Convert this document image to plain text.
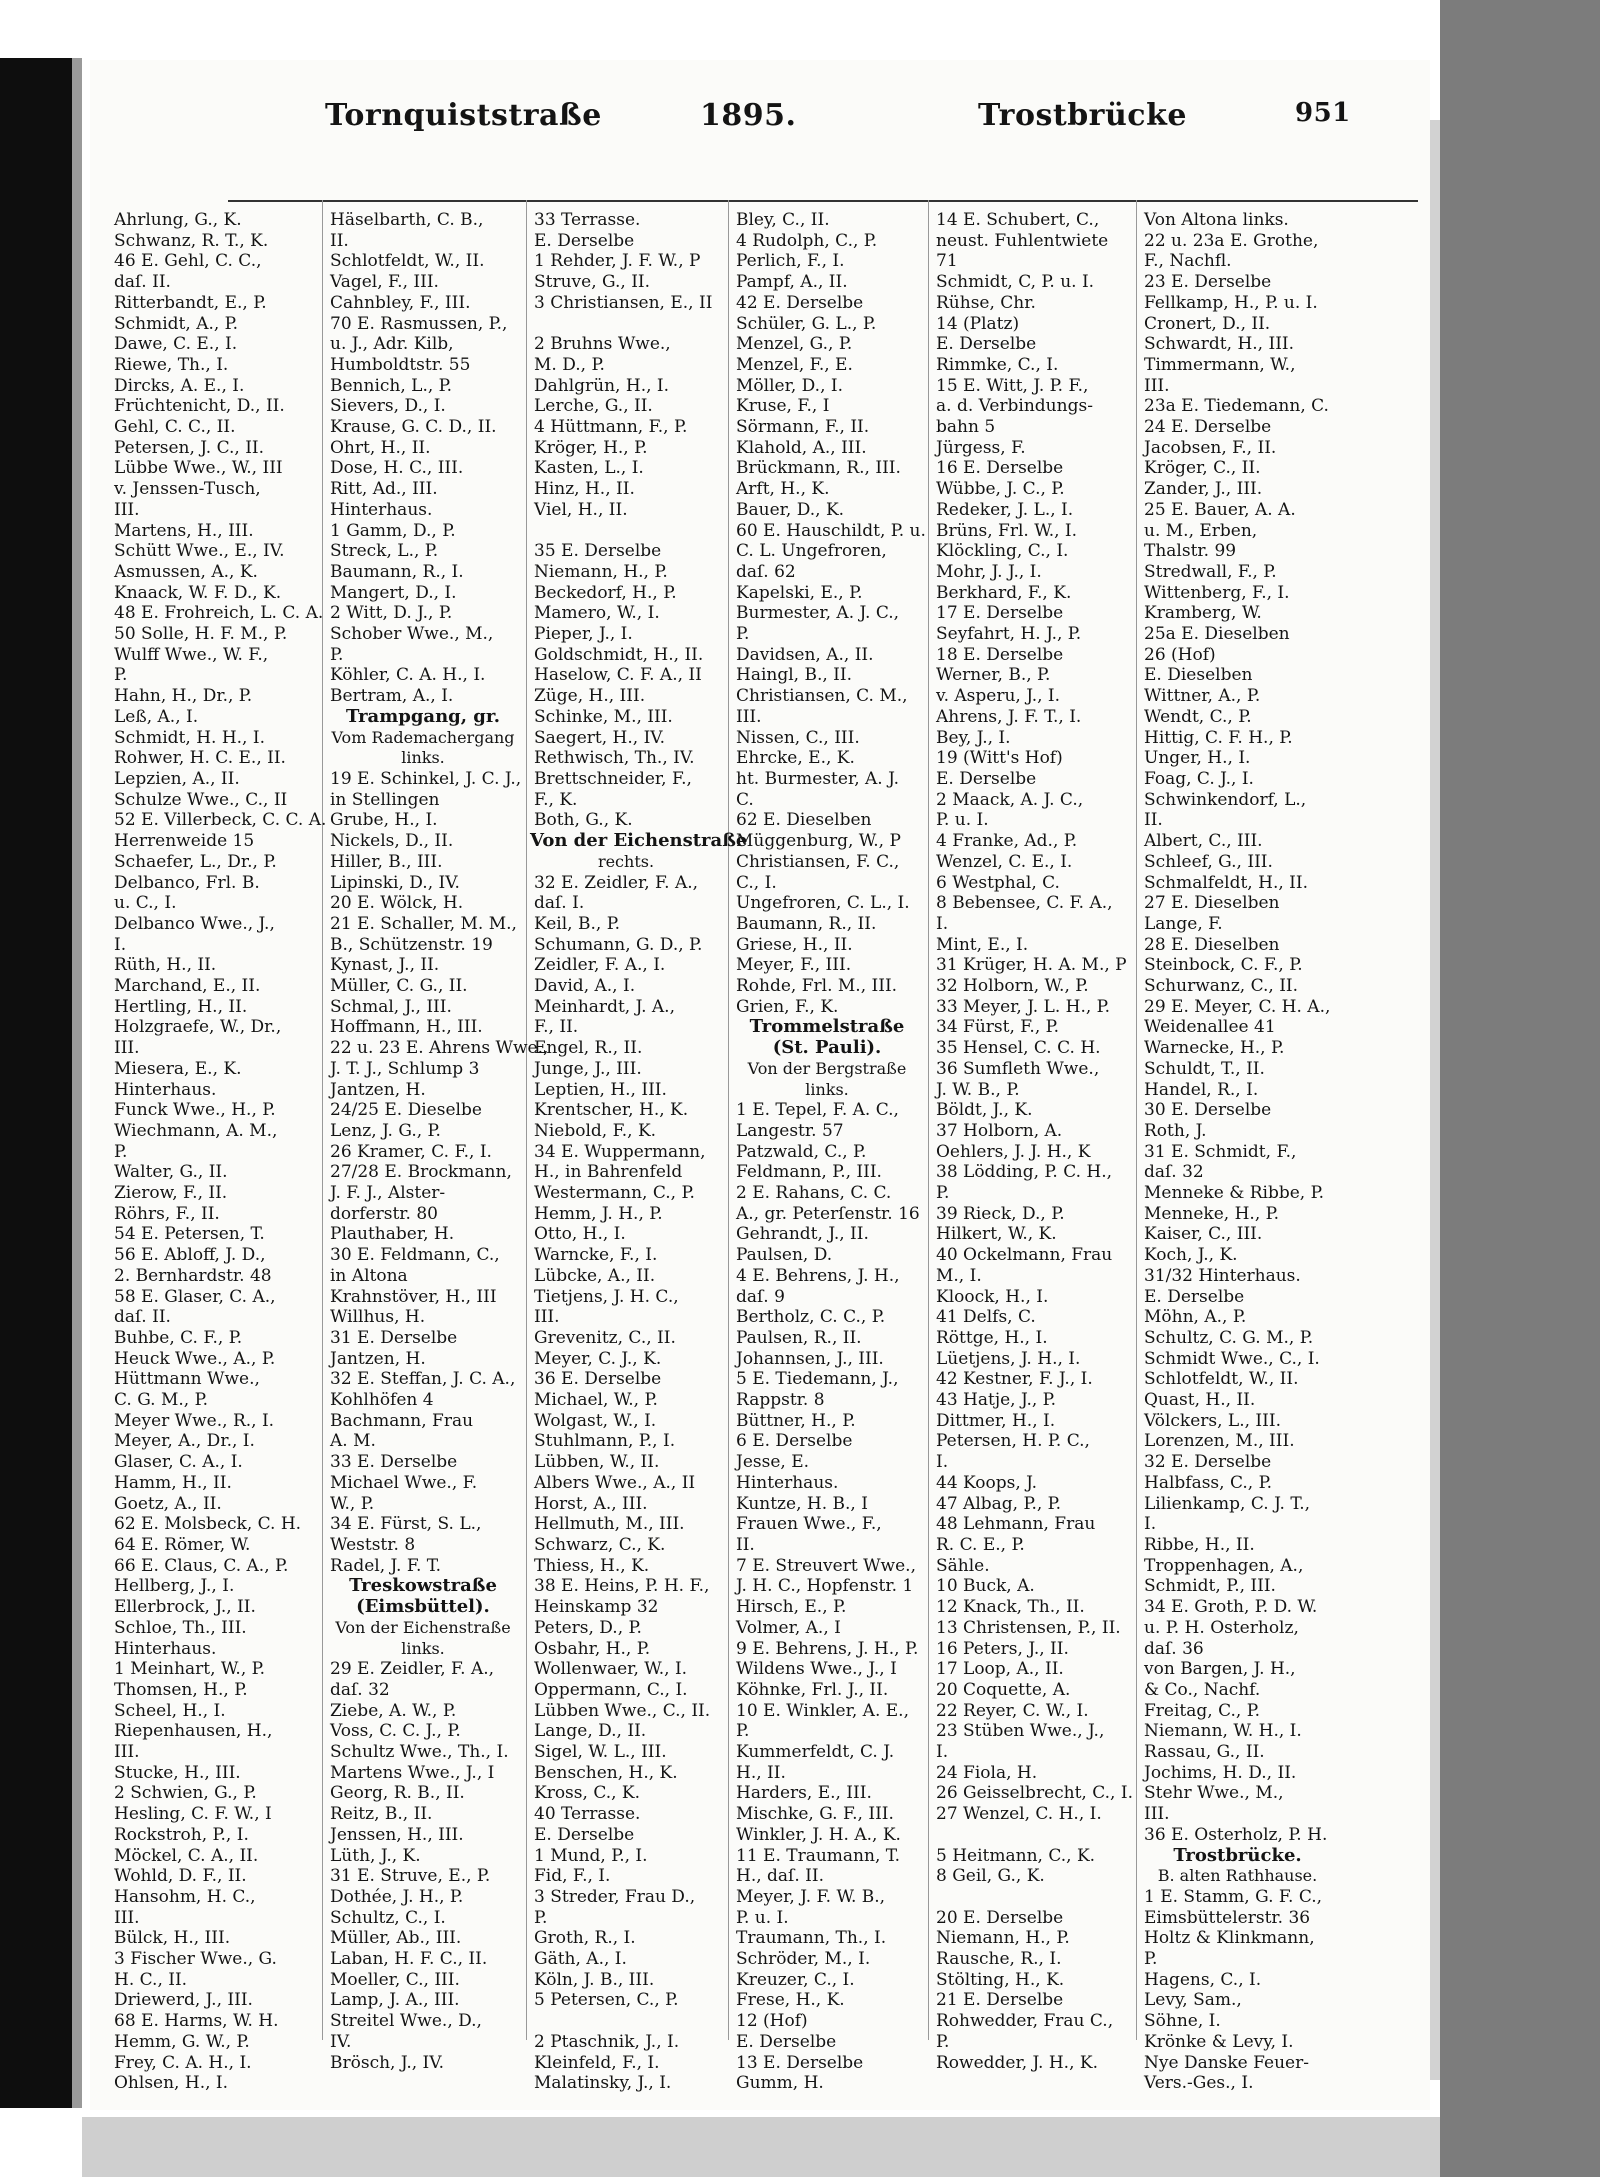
Tornquiststraße	1895.	Trostbrücke	951
Ahrlung, G., K.
Schwanz, R. T., K.
46 E. Gehl, C. C.,
daſ. II.
Ritterbandt, E., P.
Schmidt, A., P.
Dawe, C. E., I.
Riewe, Th., I.
Dircks, A. E., I.
Früchtenicht, D., II.
Gehl, C. C., II.
Petersen, J. C., II.
Lübbe Wwe., W., III
v. Jenssen-Tusch,
III.
Martens, H., III.
Schütt Wwe., E., IV.
Asmussen, A., K.
Knaack, W. F. D., K.
48 E. Frohreich, L. C. A.
50 Solle, H. F. M., P.
Wulff Wwe., W. F.,
P.
Hahn, H., Dr., P.
Leß, A., I.
Schmidt, H. H., I.
Rohwer, H. C. E., II.
Lepzien, A., II.
Schulze Wwe., C., II
52 E. Villerbeck, C. C. A.
Herrenweide 15
Schaefer, L., Dr., P.
Delbanco, Frl. B.
u. C., I.
Delbanco Wwe., J.,
I.
Rüth, H., II.
Marchand, E., II.
Hertling, H., II.
Holzgraefe, W., Dr.,
III.
Miesera, E., K.
Hinterhaus.
Funck Wwe., H., P.
Wiechmann, A. M.,
P.
Walter, G., II.
Zierow, F., II.
Röhrs, F., II.
54 E. Petersen, T.
56 E. Abloff, J. D.,
2. Bernhardstr. 48
58 E. Glaser, C. A.,
daſ. II.
Buhbe, C. F., P.
Heuck Wwe., A., P.
Hüttmann Wwe.,
C. G. M., P.
Meyer Wwe., R., I.
Meyer, A., Dr., I.
Glaser, C. A., I.
Hamm, H., II.
Goetz, A., II.
62 E. Molsbeck, C. H.
64 E. Römer, W.
66 E. Claus, C. A., P.
Hellberg, J., I.
Ellerbrock, J., II.
Schloe, Th., III.
Hinterhaus.
1 Meinhart, W., P.
Thomsen, H., P.
Scheel, H., I.
Riepenhausen, H.,
III.
Stucke, H., III.
2 Schwien, G., P.
Hesling, C. F. W., I
Rockstroh, P., I.
Möckel, C. A., II.
Wohld, D. F., II.
Hansohm, H. C.,
III.
Bülck, H., III.
3 Fischer Wwe., G.
H. C., II.
Driewerd, J., III.
68 E. Harms, W. H.
Hemm, G. W., P.
Frey, C. A. H., I.
Ohlsen, H., I.
Häselbarth, C. B.,
II.
Schlotfeldt, W., II.
Vagel, F., III.
Cahnbley, F., III.
70 E. Rasmussen, P.,
u. J., Adr. Kilb,
Humboldtstr. 55
Bennich, L., P.
Sievers, D., I.
Krause, G. C. D., II.
Ohrt, H., II.
Dose, H. C., III.
Ritt, Ad., III.
Hinterhaus.
1 Gamm, D., P.
Streck, L., P.
Baumann, R., I.
Mangert, D., I.
2 Witt, D. J., P.
Schober Wwe., M.,
P.
Köhler, C. A. H., I.
Bertram, A., I.
Trampgang, gr.
Vom Rademachergang
links.
19 E. Schinkel, J. C. J.,
in Stellingen
Grube, H., I.
Nickels, D., II.
Hiller, B., III.
Lipinski, D., IV.
20 E. Wölck, H.
21 E. Schaller, M. M.,
B., Schützenstr. 19
Kynast, J., II.
Müller, C. G., II.
Schmal, J., III.
Hoffmann, H., III.
22 u. 23 E. Ahrens Wwe.,
J. T. J., Schlump 3
Jantzen, H.
24/25 E. Dieselbe
Lenz, J. G., P.
26 Kramer, C. F., I.
27/28 E. Brockmann,
J. F. J., Alster-
dorferstr. 80
Plauthaber, H.
30 E. Feldmann, C.,
in Altona
Krahnstöver, H., III
Willhus, H.
31 E. Derselbe
Jantzen, H.
32 E. Steffan, J. C. A.,
Kohlhöfen 4
Bachmann, Frau
A. M.
33 E. Derselbe
Michael Wwe., F.
W., P.
34 E. Fürst, S. L.,
Weststr. 8
Radel, J. F. T.
Treskowstraße
(Eimsbüttel).
Von der Eichenstraße
links.
29 E. Zeidler, F. A.,
daſ. 32
Ziebe, A. W., P.
Voss, C. C. J., P.
Schultz Wwe., Th., I.
Martens Wwe., J., I
Georg, R. B., II.
Reitz, B., II.
Jenssen, H., III.
Lüth, J., K.
31 E. Struve, E., P.
Dothée, J. H., P.
Schultz, C., I.
Müller, Ab., III.
Laban, H. F. C., II.
Moeller, C., III.
Lamp, J. A., III.
Streitel Wwe., D.,
IV.
Brösch, J., IV.
33 Terrasse.
E. Derselbe
1 Rehder, J. F. W., P
Struve, G., II.
3 Christiansen, E., II

2 Bruhns Wwe.,
M. D., P.
Dahlgrün, H., I.
Lerche, G., II.
4 Hüttmann, F., P.
Kröger, H., P.
Kasten, L., I.
Hinz, H., II.
Viel, H., II.

35 E. Derselbe
Niemann, H., P.
Beckedorf, H., P.
Mamero, W., I.
Pieper, J., I.
Goldschmidt, H., II.
Haselow, C. F. A., II
Züge, H., III.
Schinke, M., III.
Saegert, H., IV.
Rethwisch, Th., IV.
Brettschneider, F.,
F., K.
Both, G., K.
Von der Eichenstraße
rechts.
32 E. Zeidler, F. A.,
daſ. I.
Keil, B., P.
Schumann, G. D., P.
Zeidler, F. A., I.
David, A., I.
Meinhardt, J. A.,
F., II.
Engel, R., II.
Junge, J., III.
Leptien, H., III.
Krentscher, H., K.
Niebold, F., K.
34 E. Wuppermann,
H., in Bahrenfeld
Westermann, C., P.
Hemm, J. H., P.
Otto, H., I.
Warncke, F., I.
Lübcke, A., II.
Tietjens, J. H. C.,
III.
Grevenitz, C., II.
Meyer, C. J., K.
36 E. Derselbe
Michael, W., P.
Wolgast, W., I.
Stuhlmann, P., I.
Lübben, W., II.
Albers Wwe., A., II
Horst, A., III.
Hellmuth, M., III.
Schwarz, C., K.
Thiess, H., K.
38 E. Heins, P. H. F.,
Heinskamp 32
Peters, D., P.
Osbahr, H., P.
Wollenwaer, W., I.
Oppermann, C., I.
Lübben Wwe., C., II.
Lange, D., II.
Sigel, W. L., III.
Benschen, H., K.
Kross, C., K.
40 Terrasse.
E. Derselbe
1 Mund, P., I.
Fid, F., I.
3 Streder, Frau D.,
P.
Groth, R., I.
Gäth, A., I.
Köln, J. B., III.
5 Petersen, C., P.

2 Ptaschnik, J., I.
Kleinfeld, F., I.
Malatinsky, J., I.
Bley, C., II.
4 Rudolph, C., P.
Perlich, F., I.
Pampf, A., II.
42 E. Derselbe
Schüler, G. L., P.
Menzel, G., P.
Menzel, F., E.
Möller, D., I.
Kruse, F., I
Sörmann, F., II.
Klahold, A., III.
Brückmann, R., III.
Arft, H., K.
Bauer, D., K.
60 E. Hauschildt, P. u.
C. L. Ungefroren,
daſ. 62
Kapelski, E., P.
Burmester, A. J. C.,
P.
Davidsen, A., II.
Haingl, B., II.
Christiansen, C. M.,
III.
Nissen, C., III.
Ehrcke, E., K.
ht. Burmester, A. J.
C.
62 E. Dieselben
Müggenburg, W., P
Christiansen, F. C.,
C., I.
Ungefroren, C. L., I.
Baumann, R., II.
Griese, H., II.
Meyer, F., III.
Rohde, Frl. M., III.
Grien, F., K.
Trommelstraße
(St. Pauli).
Von der Bergstraße
links.
1 E. Tepel, F. A. C.,
Langestr. 57
Patzwald, C., P.
Feldmann, P., III.
2 E. Rahans, C. C.
A., gr. Peterſenstr. 16
Gehrandt, J., II.
Paulsen, D.
4 E. Behrens, J. H.,
daſ. 9
Bertholz, C. C., P.
Paulsen, R., II.
Johannsen, J., III.
5 E. Tiedemann, J.,
Rappstr. 8
Büttner, H., P.
6 E. Derselbe
Jesse, E.
Hinterhaus.
Kuntze, H. B., I
Frauen Wwe., F.,
II.
7 E. Streuvert Wwe.,
J. H. C., Hopfenstr. 1
Hirsch, E., P.
Volmer, A., I
9 E. Behrens, J. H., P.
Wildens Wwe., J., I
Köhnke, Frl. J., II.
10 E. Winkler, A. E.,
P.
Kummerfeldt, C. J.
H., II.
Harders, E., III.
Mischke, G. F., III.
Winkler, J. H. A., K.
11 E. Traumann, T.
H., daſ. II.
Meyer, J. F. W. B.,
P. u. I.
Traumann, Th., I.
Schröder, M., I.
Kreuzer, C., I.
Frese, H., K.
12 (Hof)
E. Derselbe
13 E. Derselbe
Gumm, H.
14 E. Schubert, C.,
neust. Fuhlentwiete
71
Schmidt, C, P. u. I.
Rühse, Chr.
14 (Platz)
E. Derselbe
Rimmke, C., I.
15 E. Witt, J. P. F.,
a. d. Verbindungs-
bahn 5
Jürgess, F.
16 E. Derselbe
Wübbe, J. C., P.
Redeker, J. L., I.
Brüns, Frl. W., I.
Klöckling, C., I.
Mohr, J. J., I.
Berkhard, F., K.
17 E. Derselbe
Seyfahrt, H. J., P.
18 E. Derselbe
Werner, B., P.
v. Asperu, J., I.
Ahrens, J. F. T., I.
Bey, J., I.
19 (Witt's Hof)
E. Derselbe
2 Maack, A. J. C.,
P. u. I.
4 Franke, Ad., P.
Wenzel, C. E., I.
6 Westphal, C.
8 Bebensee, C. F. A.,
I.
Mint, E., I.
31 Krüger, H. A. M., P
32 Holborn, W., P.
33 Meyer, J. L. H., P.
34 Fürst, F., P.
35 Hensel, C. C. H.
36 Sumfleth Wwe.,
J. W. B., P.
Böldt, J., K.
37 Holborn, A.
Oehlers, J. J. H., K
38 Lödding, P. C. H.,
P.
39 Rieck, D., P.
Hilkert, W., K.
40 Ockelmann, Frau
M., I.
Kloock, H., I.
41 Delfs, C.
Röttge, H., I.
Lüetjens, J. H., I.
42 Kestner, F. J., I.
43 Hatje, J., P.
Dittmer, H., I.
Petersen, H. P. C.,
I.
44 Koops, J.
47 Albag, P., P.
48 Lehmann, Frau
R. C. E., P.
Sähle.
10 Buck, A.
12 Knack, Th., II.
13 Christensen, P., II.
16 Peters, J., II.
17 Loop, A., II.
20 Coquette, A.
22 Reyer, C. W., I.
23 Stüben Wwe., J.,
I.
24 Fiola, H.
26 Geisselbrecht, C., I.
27 Wenzel, C. H., I.

5 Heitmann, C., K.
8 Geil, G., K.

20 E. Derselbe
Niemann, H., P.
Rausche, R., I.
Stölting, H., K.
21 E. Derselbe
Rohwedder, Frau C.,
P.
Rowedder, J. H., K.
Von Altona links.
22 u. 23a E. Grothe,
F., Nachfl.
23 E. Derselbe
Fellkamp, H., P. u. I.
Cronert, D., II.
Schwardt, H., III.
Timmermann, W.,
III.
23a E. Tiedemann, C.
24 E. Derselbe
Jacobsen, F., II.
Kröger, C., II.
Zander, J., III.
25 E. Bauer, A. A.
u. M., Erben,
Thalstr. 99
Stredwall, F., P.
Wittenberg, F., I.
Kramberg, W.
25a E. Dieselben
26 (Hof)
E. Dieselben
Wittner, A., P.
Wendt, C., P.
Hittig, C. F. H., P.
Unger, H., I.
Foag, C. J., I.
Schwinkendorf, L.,
II.
Albert, C., III.
Schleef, G., III.
Schmalfeldt, H., II.
27 E. Dieselben
Lange, F.
28 E. Dieselben
Steinbock, C. F., P.
Schurwanz, C., II.
29 E. Meyer, C. H. A.,
Weidenallee 41
Warnecke, H., P.
Schuldt, T., II.
Handel, R., I.
30 E. Derselbe
Roth, J.
31 E. Schmidt, F.,
daſ. 32
Menneke & Ribbe, P.
Menneke, H., P.
Kaiser, C., III.
Koch, J., K.
31/32 Hinterhaus.
E. Derselbe
Möhn, A., P.
Schultz, C. G. M., P.
Schmidt Wwe., C., I.
Schlotfeldt, W., II.
Quast, H., II.
Völckers, L., III.
Lorenzen, M., III.
32 E. Derselbe
Halbfass, C., P.
Lilienkamp, C. J. T.,
I.
Ribbe, H., II.
Troppenhagen, A.,
Schmidt, P., III.
34 E. Groth, P. D. W.
u. P. H. Osterholz,
daſ. 36
von Bargen, J. H.,
& Co., Nachf.
Freitag, C., P.
Niemann, W. H., I.
Rassau, G., II.
Jochims, H. D., II.
Stehr Wwe., M.,
III.
36 E. Osterholz, P. H.
Trostbrücke.
B. alten Rathhause.
1 E. Stamm, G. F. C.,
Eimsbüttelerstr. 36
Holtz & Klinkmann,
P.
Hagens, C., I.
Levy, Sam.,
Söhne, I.
Krönke & Levy, I.
Nye Danske Feuer-
Vers.-Ges., I.
